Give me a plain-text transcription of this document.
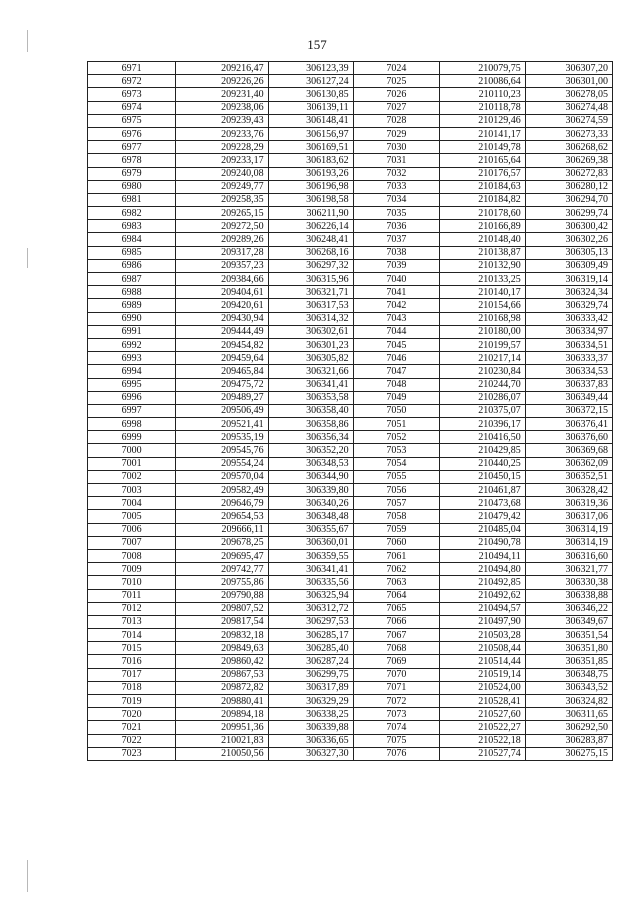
157
6971	209216,47	306123,39	7024	210079,75	306307,20
6972	209226,26	306127,24	7025	210086,64	306301,00
6973	209231,40	306130,85	7026	210110,23	306278,05
6974	209238,06	306139,11	7027	210118,78	306274,48
6975	209239,43	306148,41	7028	210129,46	306274,59
6976	209233,76	306156,97	7029	210141,17	306273,33
6977	209228,29	306169,51	7030	210149,78	306268,62
6978	209233,17	306183,62	7031	210165,64	306269,38
6979	209240,08	306193,26	7032	210176,57	306272,83
6980	209249,77	306196,98	7033	210184,63	306280,12
6981	209258,35	306198,58	7034	210184,82	306294,70
6982	209265,15	306211,90	7035	210178,60	306299,74
6983	209272,50	306226,14	7036	210166,89	306300,42
6984	209289,26	306248,41	7037	210148,40	306302,26
6985	209317,28	306268,16	7038	210138,87	306305,13
6986	209357,23	306297,32	7039	210132,90	306309,49
6987	209384,66	306315,96	7040	210133,25	306319,14
6988	209404,61	306321,71	7041	210140,17	306324,34
6989	209420,61	306317,53	7042	210154,66	306329,74
6990	209430,94	306314,32	7043	210168,98	306333,42
6991	209444,49	306302,61	7044	210180,00	306334,97
6992	209454,82	306301,23	7045	210199,57	306334,51
6993	209459,64	306305,82	7046	210217,14	306333,37
6994	209465,84	306321,66	7047	210230,84	306334,53
6995	209475,72	306341,41	7048	210244,70	306337,83
6996	209489,27	306353,58	7049	210286,07	306349,44
6997	209506,49	306358,40	7050	210375,07	306372,15
6998	209521,41	306358,86	7051	210396,17	306376,41
6999	209535,19	306356,34	7052	210416,50	306376,60
7000	209545,76	306352,20	7053	210429,85	306369,68
7001	209554,24	306348,53	7054	210440,25	306362,09
7002	209570,04	306344,90	7055	210450,15	306352,51
7003	209582,49	306339,80	7056	210461,87	306328,42
7004	209646,79	306340,26	7057	210473,68	306319,36
7005	209654,53	306348,48	7058	210479,42	306317,06
7006	209666,11	306355,67	7059	210485,04	306314,19
7007	209678,25	306360,01	7060	210490,78	306314,19
7008	209695,47	306359,55	7061	210494,11	306316,60
7009	209742,77	306341,41	7062	210494,80	306321,77
7010	209755,86	306335,56	7063	210492,85	306330,38
7011	209790,88	306325,94	7064	210492,62	306338,88
7012	209807,52	306312,72	7065	210494,57	306346,22
7013	209817,54	306297,53	7066	210497,90	306349,67
7014	209832,18	306285,17	7067	210503,28	306351,54
7015	209849,63	306285,40	7068	210508,44	306351,80
7016	209860,42	306287,24	7069	210514,44	306351,85
7017	209867,53	306299,75	7070	210519,14	306348,75
7018	209872,82	306317,89	7071	210524,00	306343,52
7019	209880,41	306329,29	7072	210528,41	306324,82
7020	209894,18	306338,25	7073	210527,60	306311,65
7021	209951,36	306339,88	7074	210522,27	306292,50
7022	210021,83	306336,65	7075	210522,18	306283,87
7023	210050,56	306327,30	7076	210527,74	306275,15
